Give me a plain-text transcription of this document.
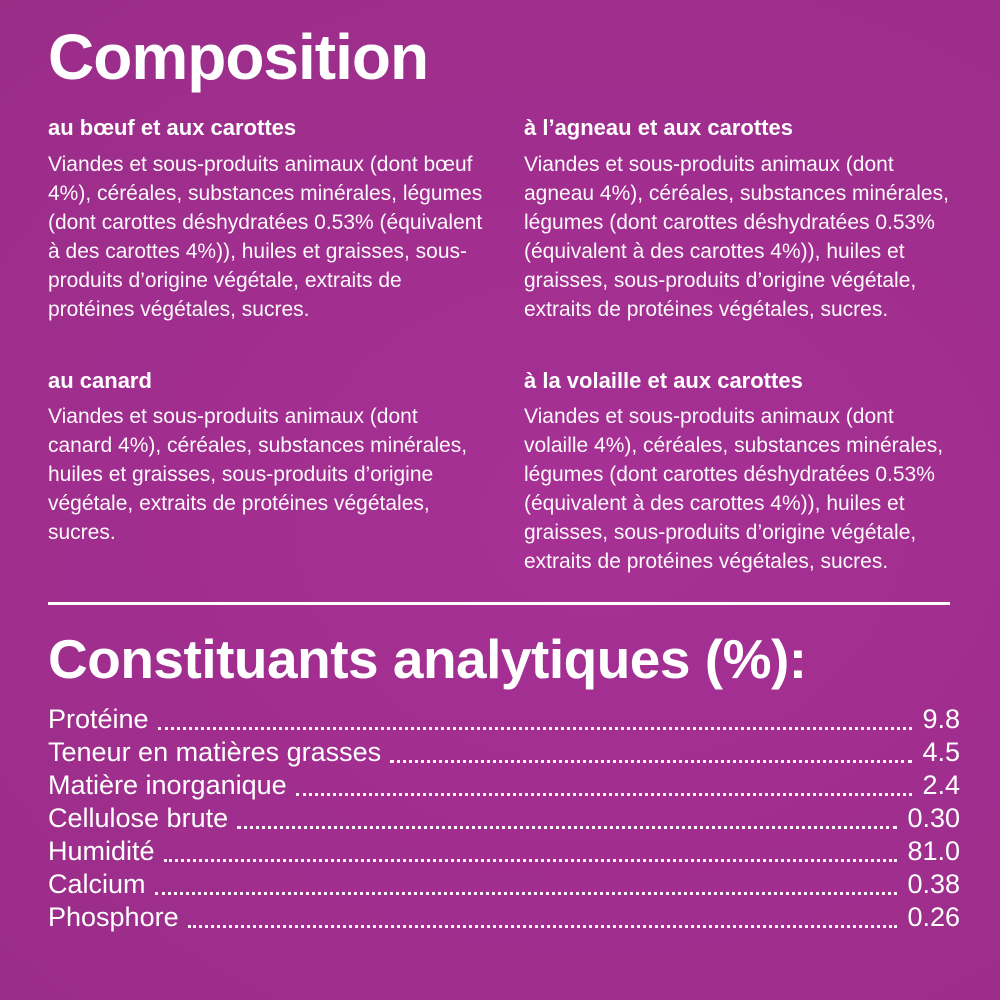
Composition
au bœuf et aux carottes

Viandes et sous-produits animaux (dont bœuf 4%), céréales, substances minérales, légumes (dont carottes déshydratées 0.53% (équivalent à des carottes 4%)), huiles et graisses, sous-produits d’origine végétale, extraits de protéines végétales, sucres.

au canard

Viandes et sous-produits animaux (dont canard 4%), céréales, substances minérales, huiles et graisses, sous-produits d’origine végétale, extraits de protéines végétales, sucres.

à l’agneau et aux carottes

Viandes et sous-produits animaux (dont agneau 4%), céréales, substances minérales, légumes (dont carottes déshydratées 0.53% (équivalent à des carottes 4%)), huiles et graisses, sous-produits d’origine végétale, extraits de protéines végétales, sucres.

à la volaille et aux carottes

Viandes et sous-produits animaux (dont volaille 4%), céréales, substances minérales, légumes (dont carottes déshydratées 0.53% (équivalent à des carottes 4%)), huiles et graisses, sous-produits d’origine végétale, extraits de protéines végétales, sucres.

Constituants analytiques (%):
Protéine	9.8
Teneur en matières grasses	4.5
Matière inorganique	2.4
Cellulose brute	0.30
Humidité	81.0
Calcium	0.38
Phosphore	0.26
